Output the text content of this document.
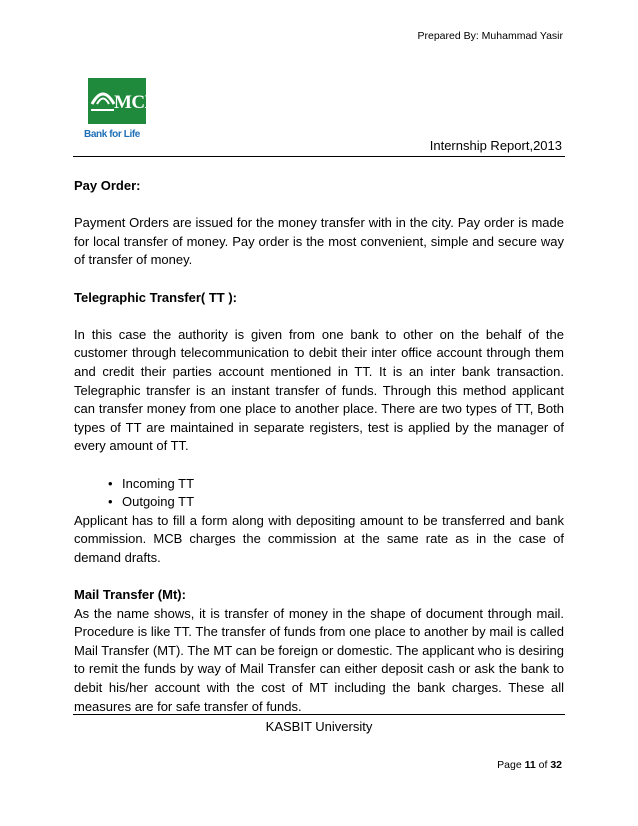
Prepared By: Muhammad Yasir
MCB
Bank for Life
Internship Report,2013
Pay Order:

Payment Orders are issued for the money transfer with in the city. Pay order is made for local transfer of money. Pay order is the most convenient, simple and secure way of transfer of money.

Telegraphic Transfer( TT ):

In this case the authority is given from one bank to other on the behalf of the customer through telecommunication to debit their inter office account through them and credit their parties account mentioned in TT. It is an inter bank transaction. Telegraphic transfer is an instant transfer of funds. Through this method applicant can transfer money from one place to another place. There are two types of TT, Both types of TT are maintained in separate registers, test is applied by the manager of every amount of TT.

• Incoming TT
• Outgoing TT

Applicant has to fill a form along with depositing amount to be transferred and bank commission. MCB charges the commission at the same rate as in the case of demand drafts.

Mail Transfer (Mt):

As the name shows, it is transfer of money in the shape of document through mail. Procedure is like TT. The transfer of funds from one place to another by mail is called Mail Transfer (MT). The MT can be foreign or domestic. The applicant who is desiring to remit the funds by way of Mail Transfer can either deposit cash or ask the bank to debit his/her account with the cost of MT including the bank charges. These all measures are for safe transfer of funds.

KASBIT University
Page 11 of 32
